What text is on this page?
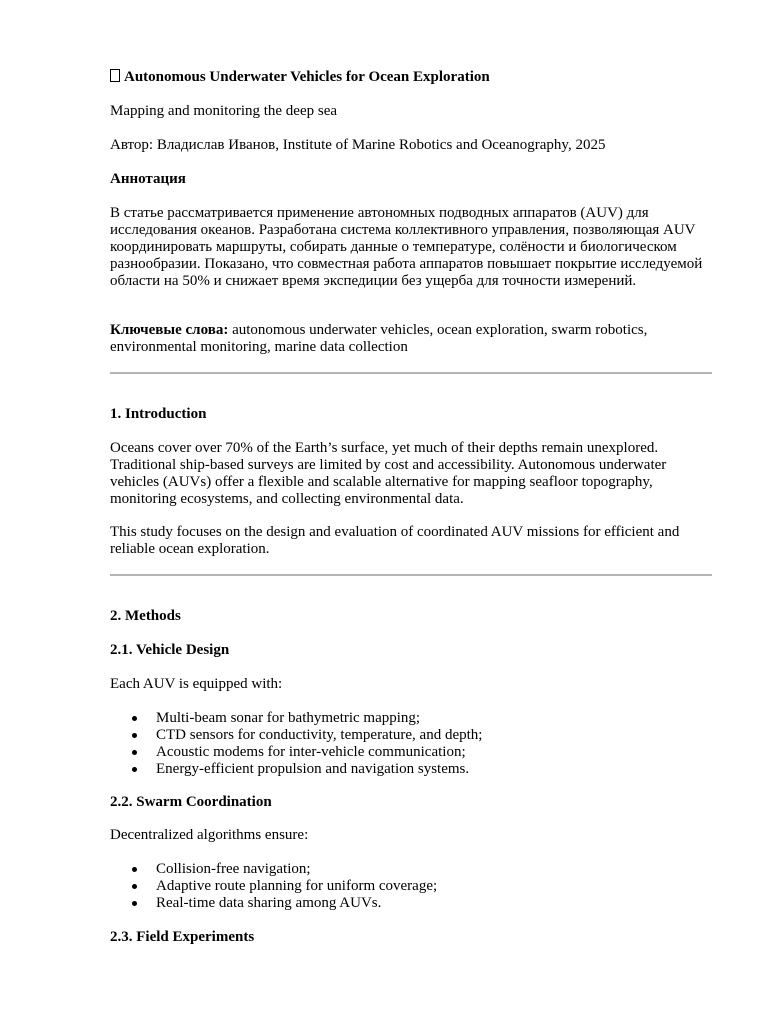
Autonomous Underwater Vehicles for Ocean Exploration

Mapping and monitoring the deep sea

Автор: Владислав Иванов, Institute of Marine Robotics and Oceanography, 2025

Аннотация

В статье рассматривается применение автономных подводных аппаратов (AUV) для исследования океанов. Разработана система коллективного управления, позволяющая AUV координировать маршруты, собирать данные о температуре, солёности и биологическом разнообразии. Показано, что совместная работа аппаратов повышает покрытие исследуемой области на 50% и снижает время экспедиции без ущерба для точности измерений.

Ключевые слова: autonomous underwater vehicles, ocean exploration, swarm robotics, environmental monitoring, marine data collection

1. Introduction

Oceans cover over 70% of the Earth’s surface, yet much of their depths remain unexplored. Traditional ship-based surveys are limited by cost and accessibility. Autonomous underwater vehicles (AUVs) offer a flexible and scalable alternative for mapping seafloor topography, monitoring ecosystems, and collecting environmental data.

This study focuses on the design and evaluation of coordinated AUV missions for efficient and reliable ocean exploration.

2. Methods

2.1. Vehicle Design

Each AUV is equipped with:

Multi-beam sonar for bathymetric mapping;
CTD sensors for conductivity, temperature, and depth;
Acoustic modems for inter-vehicle communication;
Energy-efficient propulsion and navigation systems.

2.2. Swarm Coordination

Decentralized algorithms ensure:

Collision-free navigation;
Adaptive route planning for uniform coverage;
Real-time data sharing among AUVs.

2.3. Field Experiments
